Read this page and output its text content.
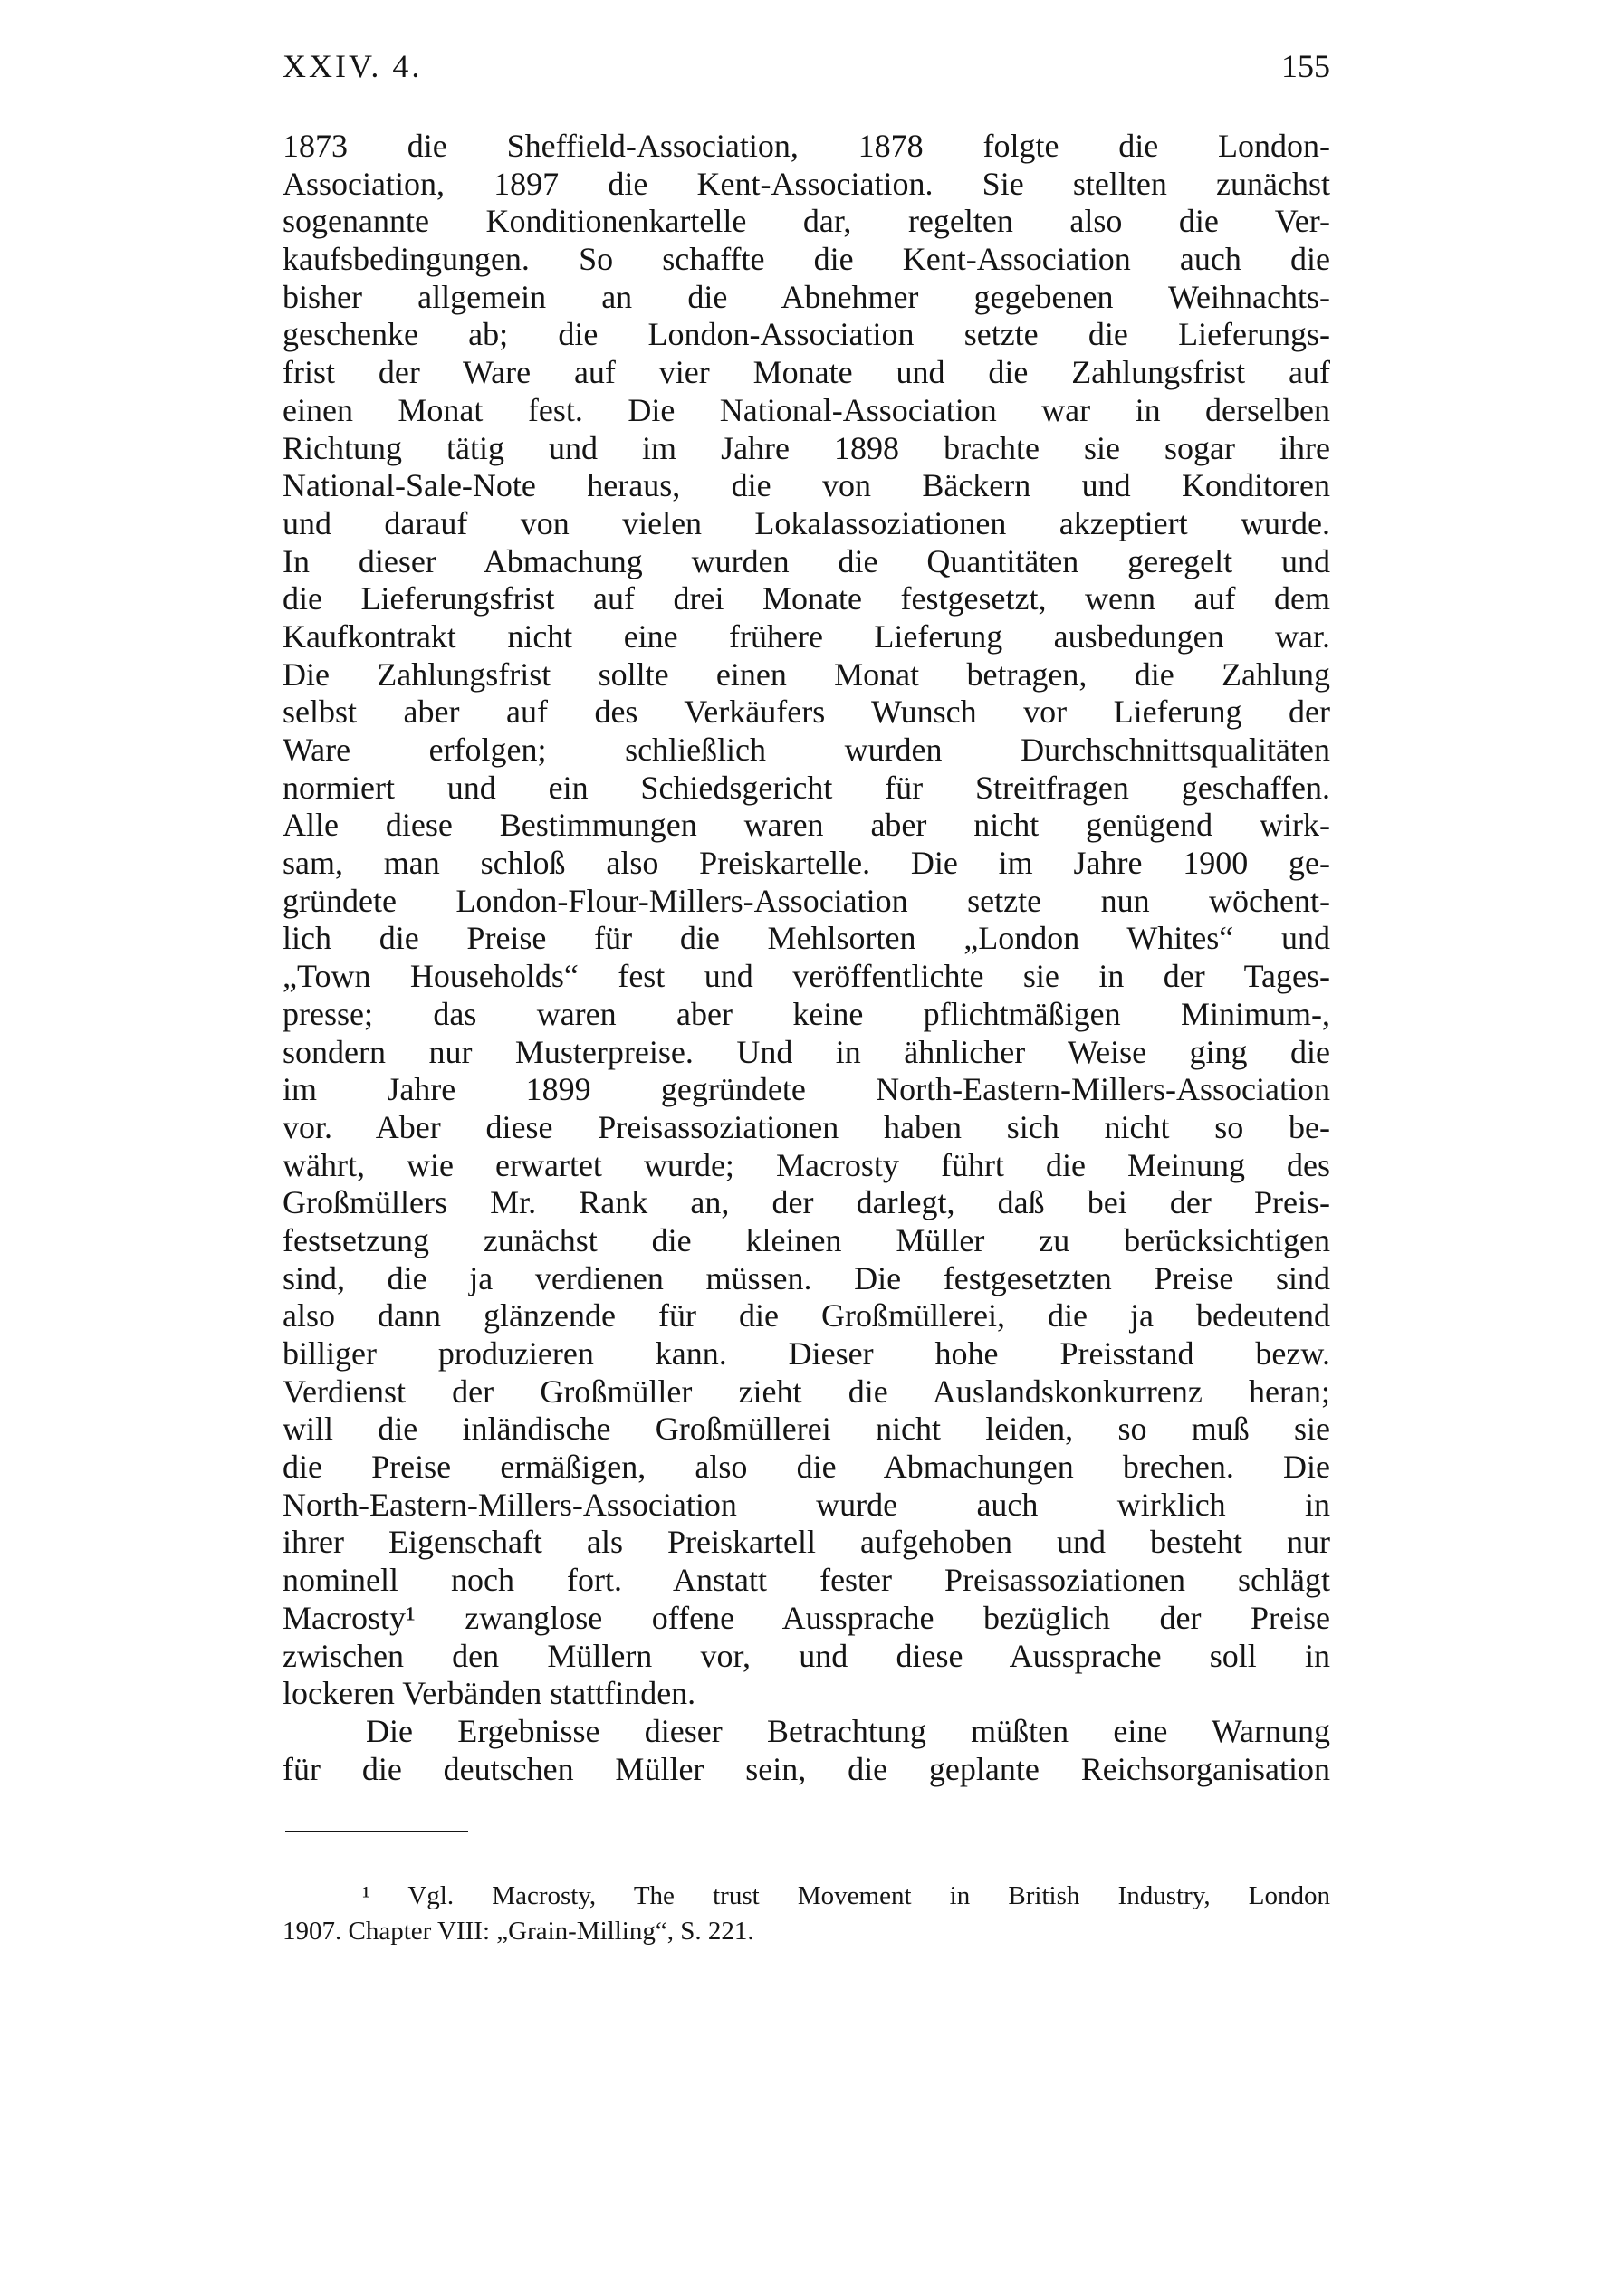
XXIV. 4.	155
1873 die Sheffield-Association, 1878 folgte die London-
Association, 1897 die Kent-Association. Sie stellten zunächst
sogenannte Konditionenkartelle dar, regelten also die Ver-
kaufsbedingungen. So schaffte die Kent-Association auch die
bisher allgemein an die Abnehmer gegebenen Weihnachts-
geschenke ab; die London-Association setzte die Lieferungs-
frist der Ware auf vier Monate und die Zahlungsfrist auf
einen Monat fest. Die National-Association war in derselben
Richtung tätig und im Jahre 1898 brachte sie sogar ihre
National-Sale-Note heraus, die von Bäckern und Konditoren
und darauf von vielen Lokalassoziationen akzeptiert wurde.
In dieser Abmachung wurden die Quantitäten geregelt und
die Lieferungsfrist auf drei Monate festgesetzt, wenn auf dem
Kaufkontrakt nicht eine frühere Lieferung ausbedungen war.
Die Zahlungsfrist sollte einen Monat betragen, die Zahlung
selbst aber auf des Verkäufers Wunsch vor Lieferung der
Ware erfolgen; schließlich wurden Durchschnittsqualitäten
normiert und ein Schiedsgericht für Streitfragen geschaffen.
Alle diese Bestimmungen waren aber nicht genügend wirk-
sam, man schloß also Preiskartelle. Die im Jahre 1900 ge-
gründete London-Flour-Millers-Association setzte nun wöchent-
lich die Preise für die Mehlsorten „London Whites“ und
„Town Households“ fest und veröffentlichte sie in der Tages-
presse; das waren aber keine pflichtmäßigen Minimum-,
sondern nur Musterpreise. Und in ähnlicher Weise ging die
im Jahre 1899 gegründete North-Eastern-Millers-Association
vor. Aber diese Preisassoziationen haben sich nicht so be-
währt, wie erwartet wurde; Macrosty führt die Meinung des
Großmüllers Mr. Rank an, der darlegt, daß bei der Preis-
festsetzung zunächst die kleinen Müller zu berücksichtigen
sind, die ja verdienen müssen. Die festgesetzten Preise sind
also dann glänzende für die Großmüllerei, die ja bedeutend
billiger produzieren kann. Dieser hohe Preisstand bezw.
Verdienst der Großmüller zieht die Auslandskonkurrenz heran;
will die inländische Großmüllerei nicht leiden, so muß sie
die Preise ermäßigen, also die Abmachungen brechen. Die
North-Eastern-Millers-Association wurde auch wirklich in
ihrer Eigenschaft als Preiskartell aufgehoben und besteht nur
nominell noch fort. Anstatt fester Preisassoziationen schlägt
Macrosty¹ zwanglose offene Aussprache bezüglich der Preise
zwischen den Müllern vor, und diese Aussprache soll in
lockeren Verbänden stattfinden.
Die Ergebnisse dieser Betrachtung müßten eine Warnung
für die deutschen Müller sein, die geplante Reichsorganisation
¹ Vgl. Macrosty, The trust Movement in British Industry, London
1907. Chapter VIII: „Grain-Milling“, S. 221.
